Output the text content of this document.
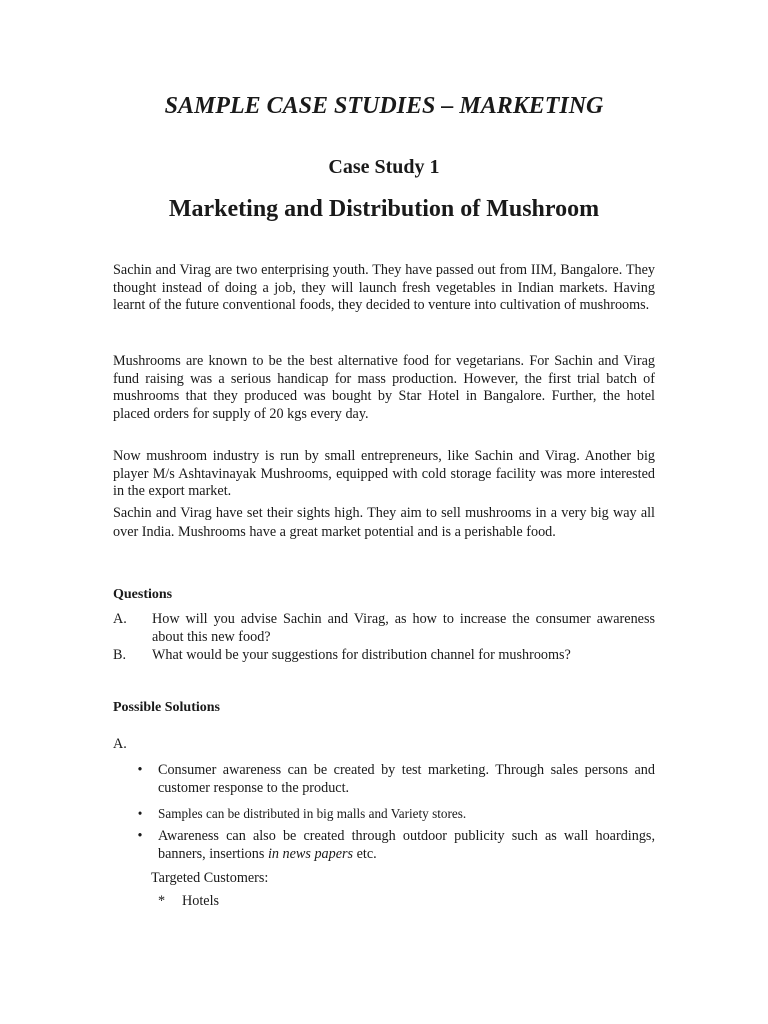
SAMPLE CASE STUDIES – MARKETING
Case Study 1
Marketing and Distribution of Mushroom

Sachin and Virag are two enterprising youth. They have passed out from IIM, Bangalore. They thought instead of doing a job, they will launch fresh vegetables in Indian markets. Having learnt of the future conventional foods, they decided to venture into cultivation of mushrooms.

Mushrooms are known to be the best alternative food for vegetarians. For Sachin and Virag fund raising was a serious handicap for mass production. However, the first trial batch of mushrooms that they produced was bought by Star Hotel in Bangalore. Further, the hotel placed orders for supply of 20 kgs every day.

Now mushroom industry is run by small entrepreneurs, like Sachin and Virag. Another big player M/s Ashtavinayak Mushrooms, equipped with cold storage facility was more interested in the export market.

Sachin and Virag have set their sights high. They aim to sell mushrooms in a very big way all over India. Mushrooms have a great market potential and is a perishable food.

Questions
A. How will you advise Sachin and Virag, as how to increase the consumer awareness about this new food?
B. What would be your suggestions for distribution channel for mushrooms?
Possible Solutions

A.

•	Consumer awareness can be created by test marketing. Through sales persons and customer response to the product.
•	Samples can be distributed in big malls and Variety stores.
•	Awareness can also be created through outdoor publicity such as wall hoardings, banners, insertions in news papers etc.

Targeted Customers:

* Hotels
